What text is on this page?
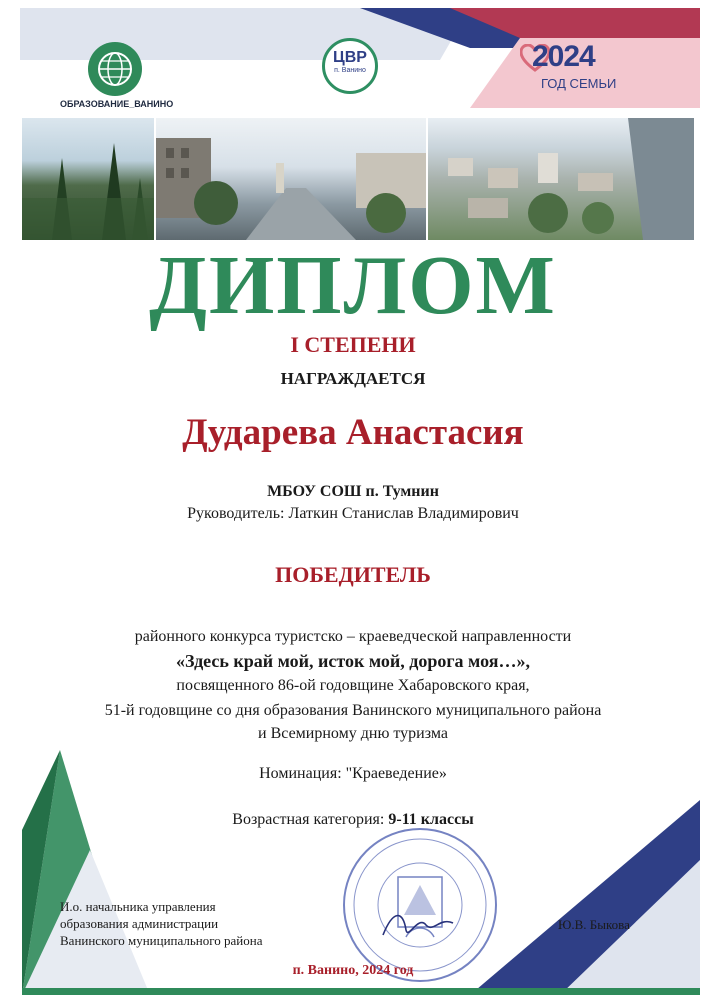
ОБРАЗОВАНИЕ_ВАНИНО
ЦВР
п. Ванино	2024
ГОД СЕМЬИ
ДИПЛОМ
I СТЕПЕНИ
НАГРАЖДАЕТСЯ
Дударева Анастасия
МБОУ СОШ п. Тумнин
Руководитель: Латкин Станислав Владимирович
ПОБЕДИТЕЛЬ
районного конкурса туристско – краеведческой направленности
«Здесь край мой, исток мой, дорога моя…»,
посвященного 86-ой годовщине Хабаровского края,
51-й годовщине со дня образования Ванинского муниципального района
и Всемирному дню туризма
Номинация: "Краеведение»
Возрастная категория: 9-11 классы
И.о. начальника управления
образования администрации
Ванинского муниципального района
Ю.В. Быкова
п. Ванино, 2024 год
